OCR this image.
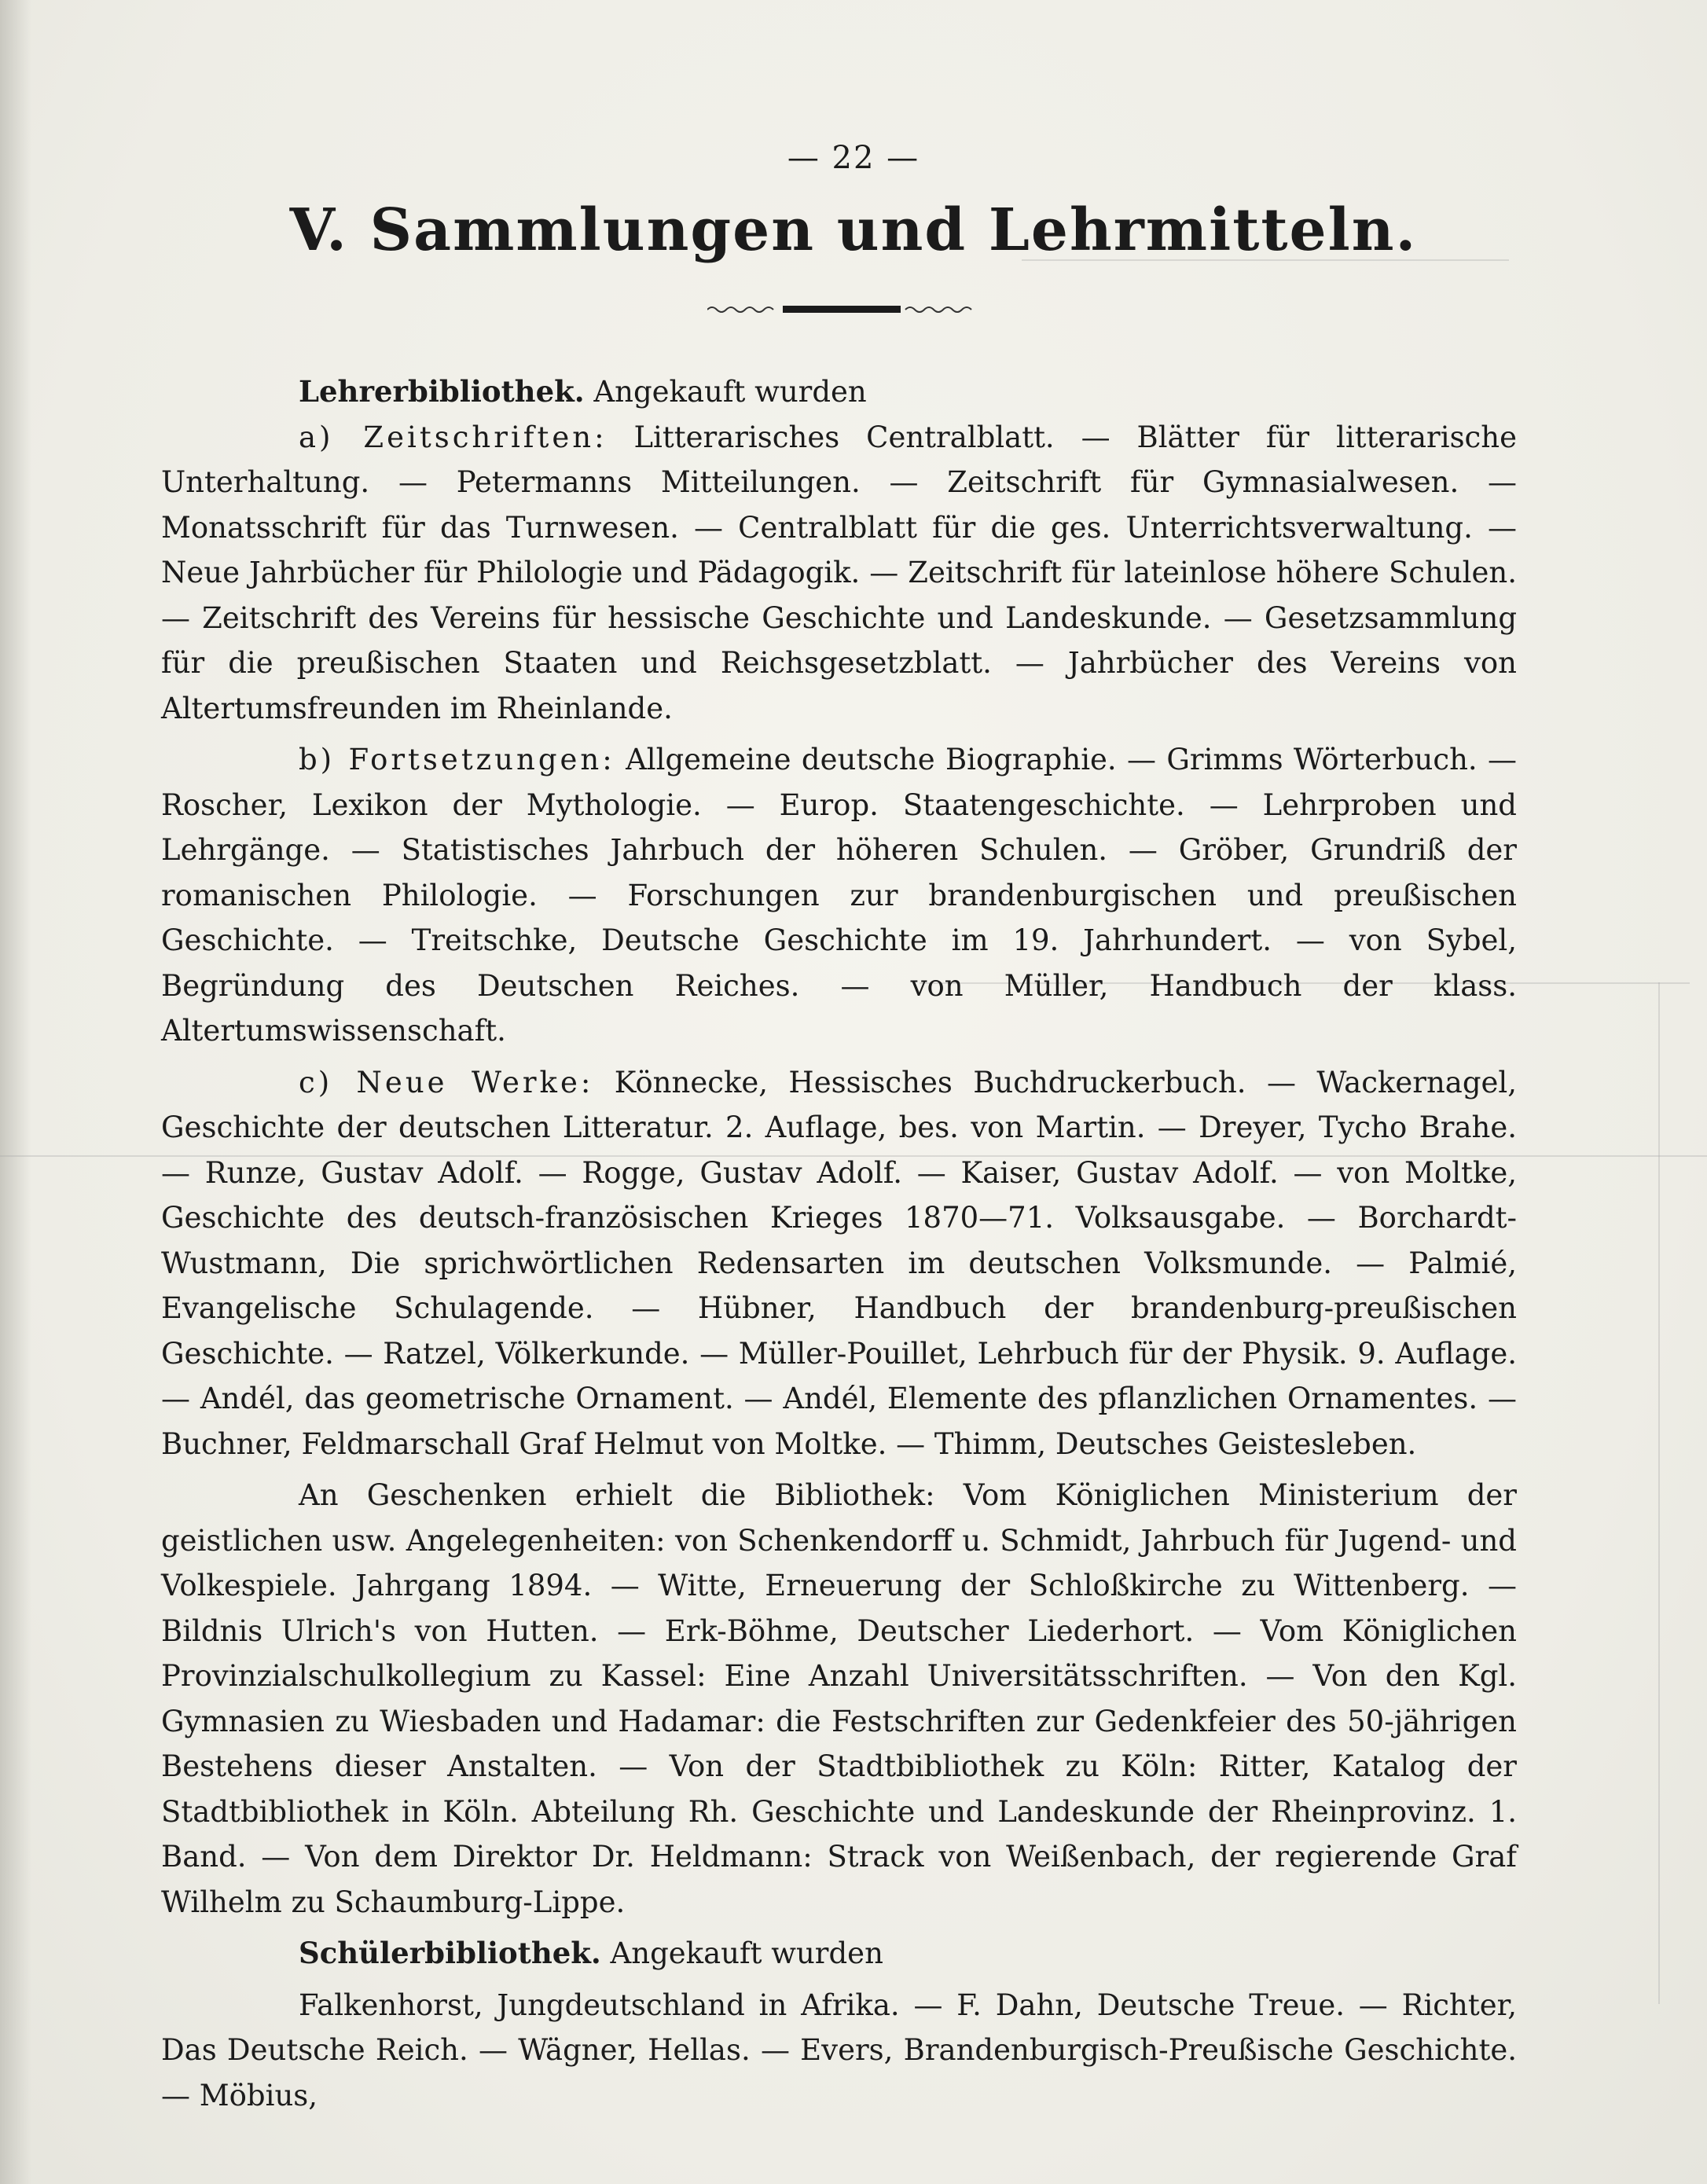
— 22 —
V. Sammlungen und Lehrmitteln.

Lehrerbibliothek. Angekauft wurden

a) Zeitschriften: Litterarisches Centralblatt. — Blätter für litterarische Unterhaltung. — Petermanns Mitteilungen. — Zeitschrift für Gymnasialwesen. — Monatsschrift für das Turnwesen. — Centralblatt für die ges. Unterrichtsverwaltung. — Neue Jahrbücher für Philologie und Pädagogik. — Zeitschrift für lateinlose höhere Schulen. — Zeitschrift des Vereins für hessische Geschichte und Landeskunde. — Gesetzsammlung für die preußischen Staaten und Reichsgesetzblatt. — Jahrbücher des Vereins von Altertumsfreunden im Rheinlande.

b) Fortsetzungen: Allgemeine deutsche Biographie. — Grimms Wörterbuch. — Roscher, Lexikon der Mythologie. — Europ. Staatengeschichte. — Lehrproben und Lehrgänge. — Statistisches Jahrbuch der höheren Schulen. — Gröber, Grundriß der romanischen Philologie. — Forschungen zur brandenburgischen und preußischen Geschichte. — Treitschke, Deutsche Geschichte im 19. Jahrhundert. — von Sybel, Begründung des Deutschen Reiches. — von Müller, Handbuch der klass. Altertumswissenschaft.

c) Neue Werke: Könnecke, Hessisches Buchdruckerbuch. — Wackernagel, Geschichte der deutschen Litteratur. 2. Auflage, bes. von Martin. — Dreyer, Tycho Brahe. — Runze, Gustav Adolf. — Rogge, Gustav Adolf. — Kaiser, Gustav Adolf. — von Moltke, Geschichte des deutsch-französischen Krieges 1870—71. Volksausgabe. — Borchardt-Wustmann, Die sprichwörtlichen Redensarten im deutschen Volksmunde. — Palmié, Evangelische Schulagende. — Hübner, Handbuch der brandenburg-preußischen Geschichte. — Ratzel, Völkerkunde. — Müller-Pouillet, Lehrbuch für der Physik. 9. Auflage. — Andél, das geometrische Ornament. — Andél, Elemente des pflanzlichen Ornamentes. — Buchner, Feldmarschall Graf Helmut von Moltke. — Thimm, Deutsches Geistesleben.

An Geschenken erhielt die Bibliothek: Vom Königlichen Ministerium der geistlichen usw. Angelegenheiten: von Schenkendorff u. Schmidt, Jahrbuch für Jugend- und Volkespiele. Jahrgang 1894. — Witte, Erneuerung der Schloßkirche zu Wittenberg. — Bildnis Ulrich's von Hutten. — Erk-Böhme, Deutscher Liederhort. — Vom Königlichen Provinzialschulkollegium zu Kassel: Eine Anzahl Universitätsschriften. — Von den Kgl. Gymnasien zu Wiesbaden und Hadamar: die Festschriften zur Gedenkfeier des 50-jährigen Bestehens dieser Anstalten. — Von der Stadtbibliothek zu Köln: Ritter, Katalog der Stadtbibliothek in Köln. Abteilung Rh. Geschichte und Landeskunde der Rheinprovinz. 1. Band. — Von dem Direktor Dr. Heldmann: Strack von Weißenbach, der regierende Graf Wilhelm zu Schaumburg-Lippe.

Schülerbibliothek. Angekauft wurden

Falkenhorst, Jungdeutschland in Afrika. — F. Dahn, Deutsche Treue. — Richter, Das Deutsche Reich. — Wägner, Hellas. — Evers, Brandenburgisch-Preußische Geschichte. — Möbius,
